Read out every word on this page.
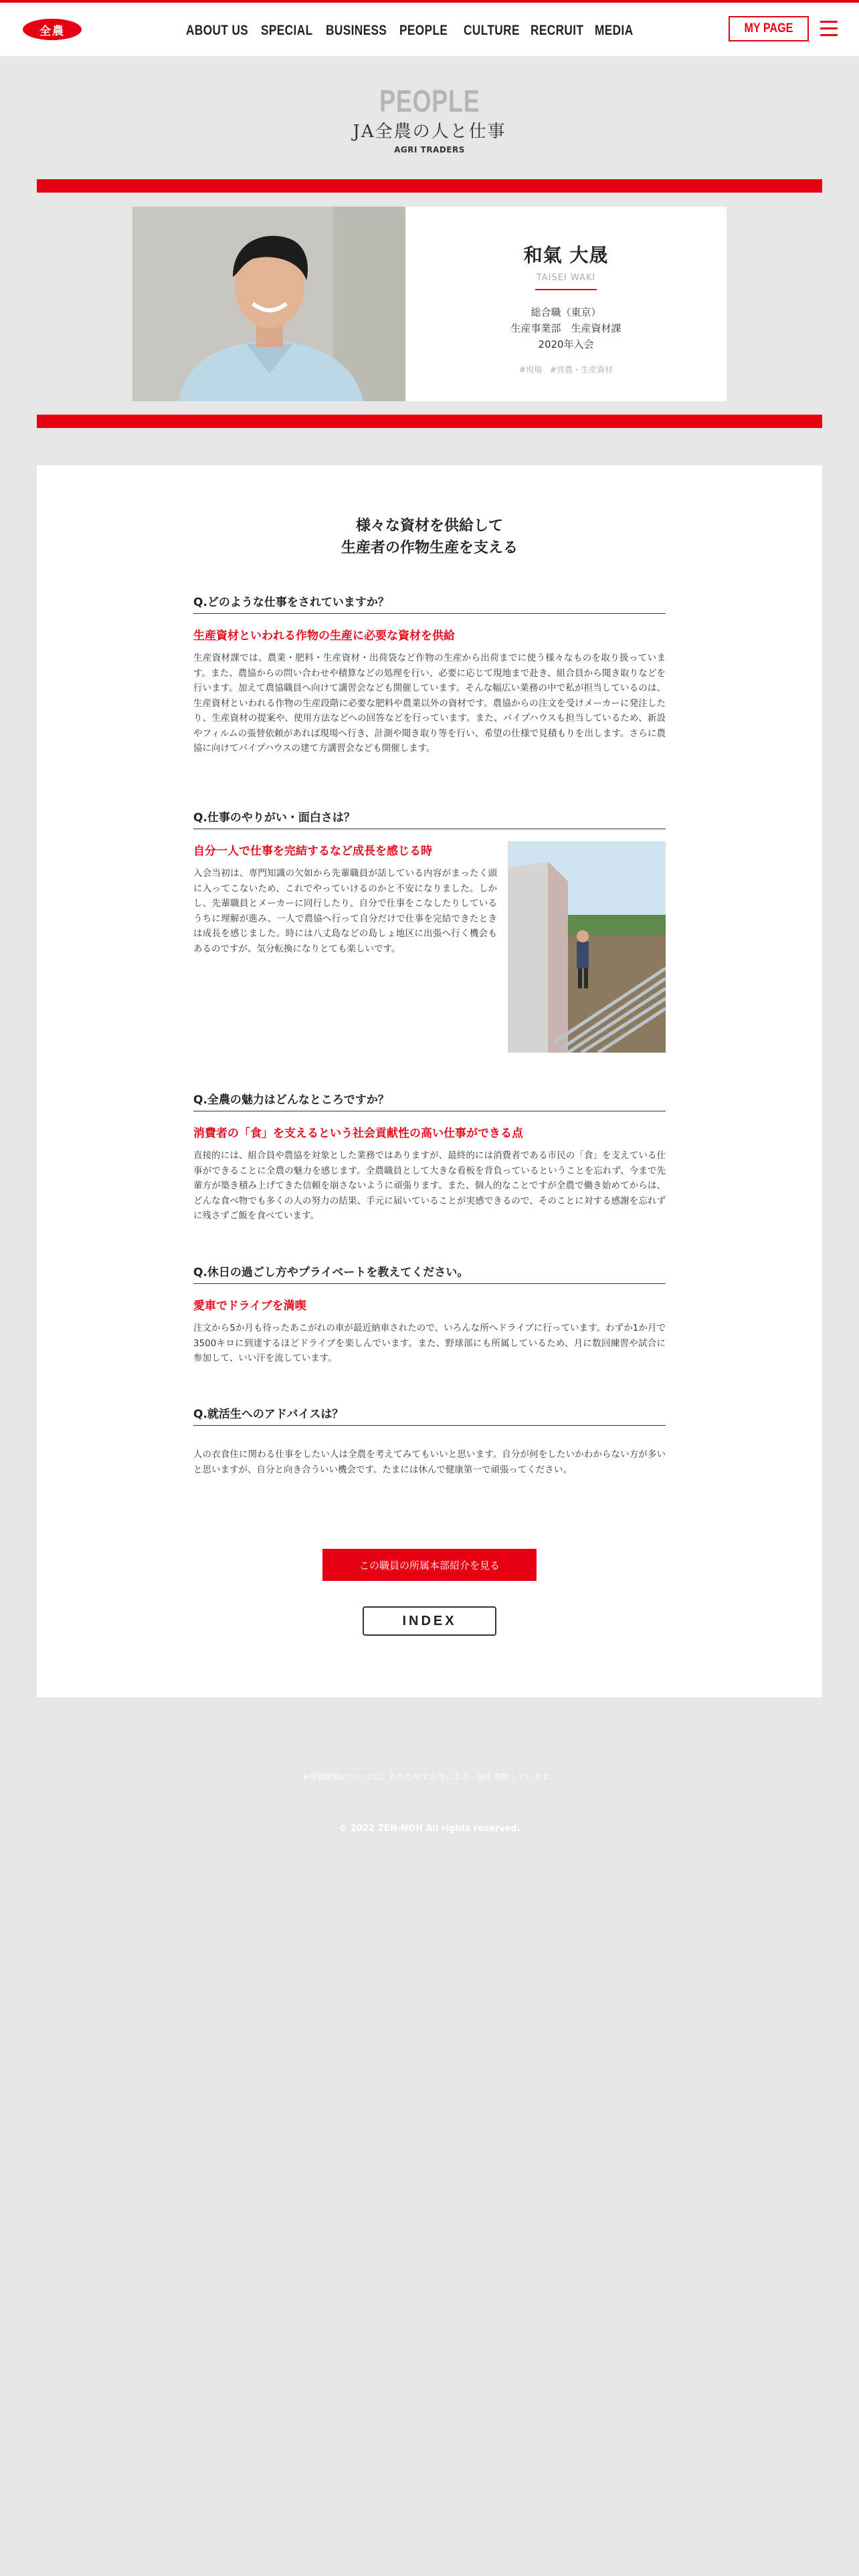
全農	ABOUT US SPECIAL BUSINESS PEOPLE	CULTURE RECRUIT MEDIA	MY PAGE
PEOPLE
JA全農の人と仕事
AGRI TRADERS
和氣 大晟
TAISEI WAKI
総合職（東京）
生産事業部　生産資材課
2020年入会
#現場 #営農・生産資材
様々な資材を供給して
生産者の作物生産を支える
Q.どのような仕事をされていますか？
生産資材といわれる作物の生産に必要な資材を供給
生産資材課では、農業・肥料・生産資材・出荷袋など作物の生産から出荷までに使う様々なものを取り扱っています。また、農協からの問い合わせや積算などの処理を行い、必要に応じて現地まで赴き、組合員から聞き取りなどを行います。加えて農協職員へ向けて講習会なども開催しています。そんな幅広い業務の中で私が担当しているのは、生産資材といわれる作物の生産段階に必要な肥料や農業以外の資材です。農協からの注文を受けメーカーに発注したり、生産資材の提案や、使用方法などへの回答などを行っています。また、パイプハウスも担当しているため、新設やフィルムの張替依頼があれば現場へ行き、計測や聞き取り等を行い、希望の仕様で見積もりを出します。さらに農協に向けてパイプハウスの建て方講習会なども開催します。
Q.仕事のやりがい・面白さは？
自分一人で仕事を完結するなど成長を感じる時
入会当初は、専門知識の欠如から先輩職員が話している内容がまったく頭に入ってこないため、これでやっていけるのかと不安になりました。しかし、先輩職員とメーカーに同行したり、自分で仕事をこなしたりしているうちに理解が進み、一人で農協へ行って自分だけで仕事を完結できたときは成長を感じました。時には八丈島などの島しょ地区に出張へ行く機会もあるのですが、気分転換になりとても楽しいです。
Q.全農の魅力はどんなところですか？
消費者の「食」を支えるという社会貢献性の高い仕事ができる点
直接的には、組合員や農協を対象とした業務ではありますが、最終的には消費者である市民の「食」を支えている仕事ができることに全農の魅力を感じます。全農職員として大きな看板を背負っているということを忘れず、今まで先輩方が築き積み上げてきた信頼を崩さないように頑張ります。また、個人的なことですが全農で働き始めてからは、どんな食べ物でも多くの人の努力の結果、手元に届いていることが実感できるので、そのことに対する感謝を忘れずに残さずご飯を食べています。
Q.休日の過ごし方やプライベートを教えてください。
愛車でドライブを満喫
注文から5か月も待ったあこがれの車が最近納車されたので、いろんな所へドライブに行っています。わずか1か月で3500キロに到達するほどドライブを楽しんでいます。また、野球部にも所属しているため、月に数回練習や試合に参加して、いい汗を流しています。
Q.就活生へのアドバイスは？
人の衣食住に関わる仕事をしたい人は全農を考えてみてもいいと思います。自分が何をしたいかわからない方が多いと思いますが、自分と向き合ういい機会です。たまには休んで健康第一で頑張ってください。
この職員の所属本部紹介を見る
INDEX
※役職掲載については、わかりやすさ等により一部を省略しています。
© 2022 ZEN-NOH All rights reserved.
